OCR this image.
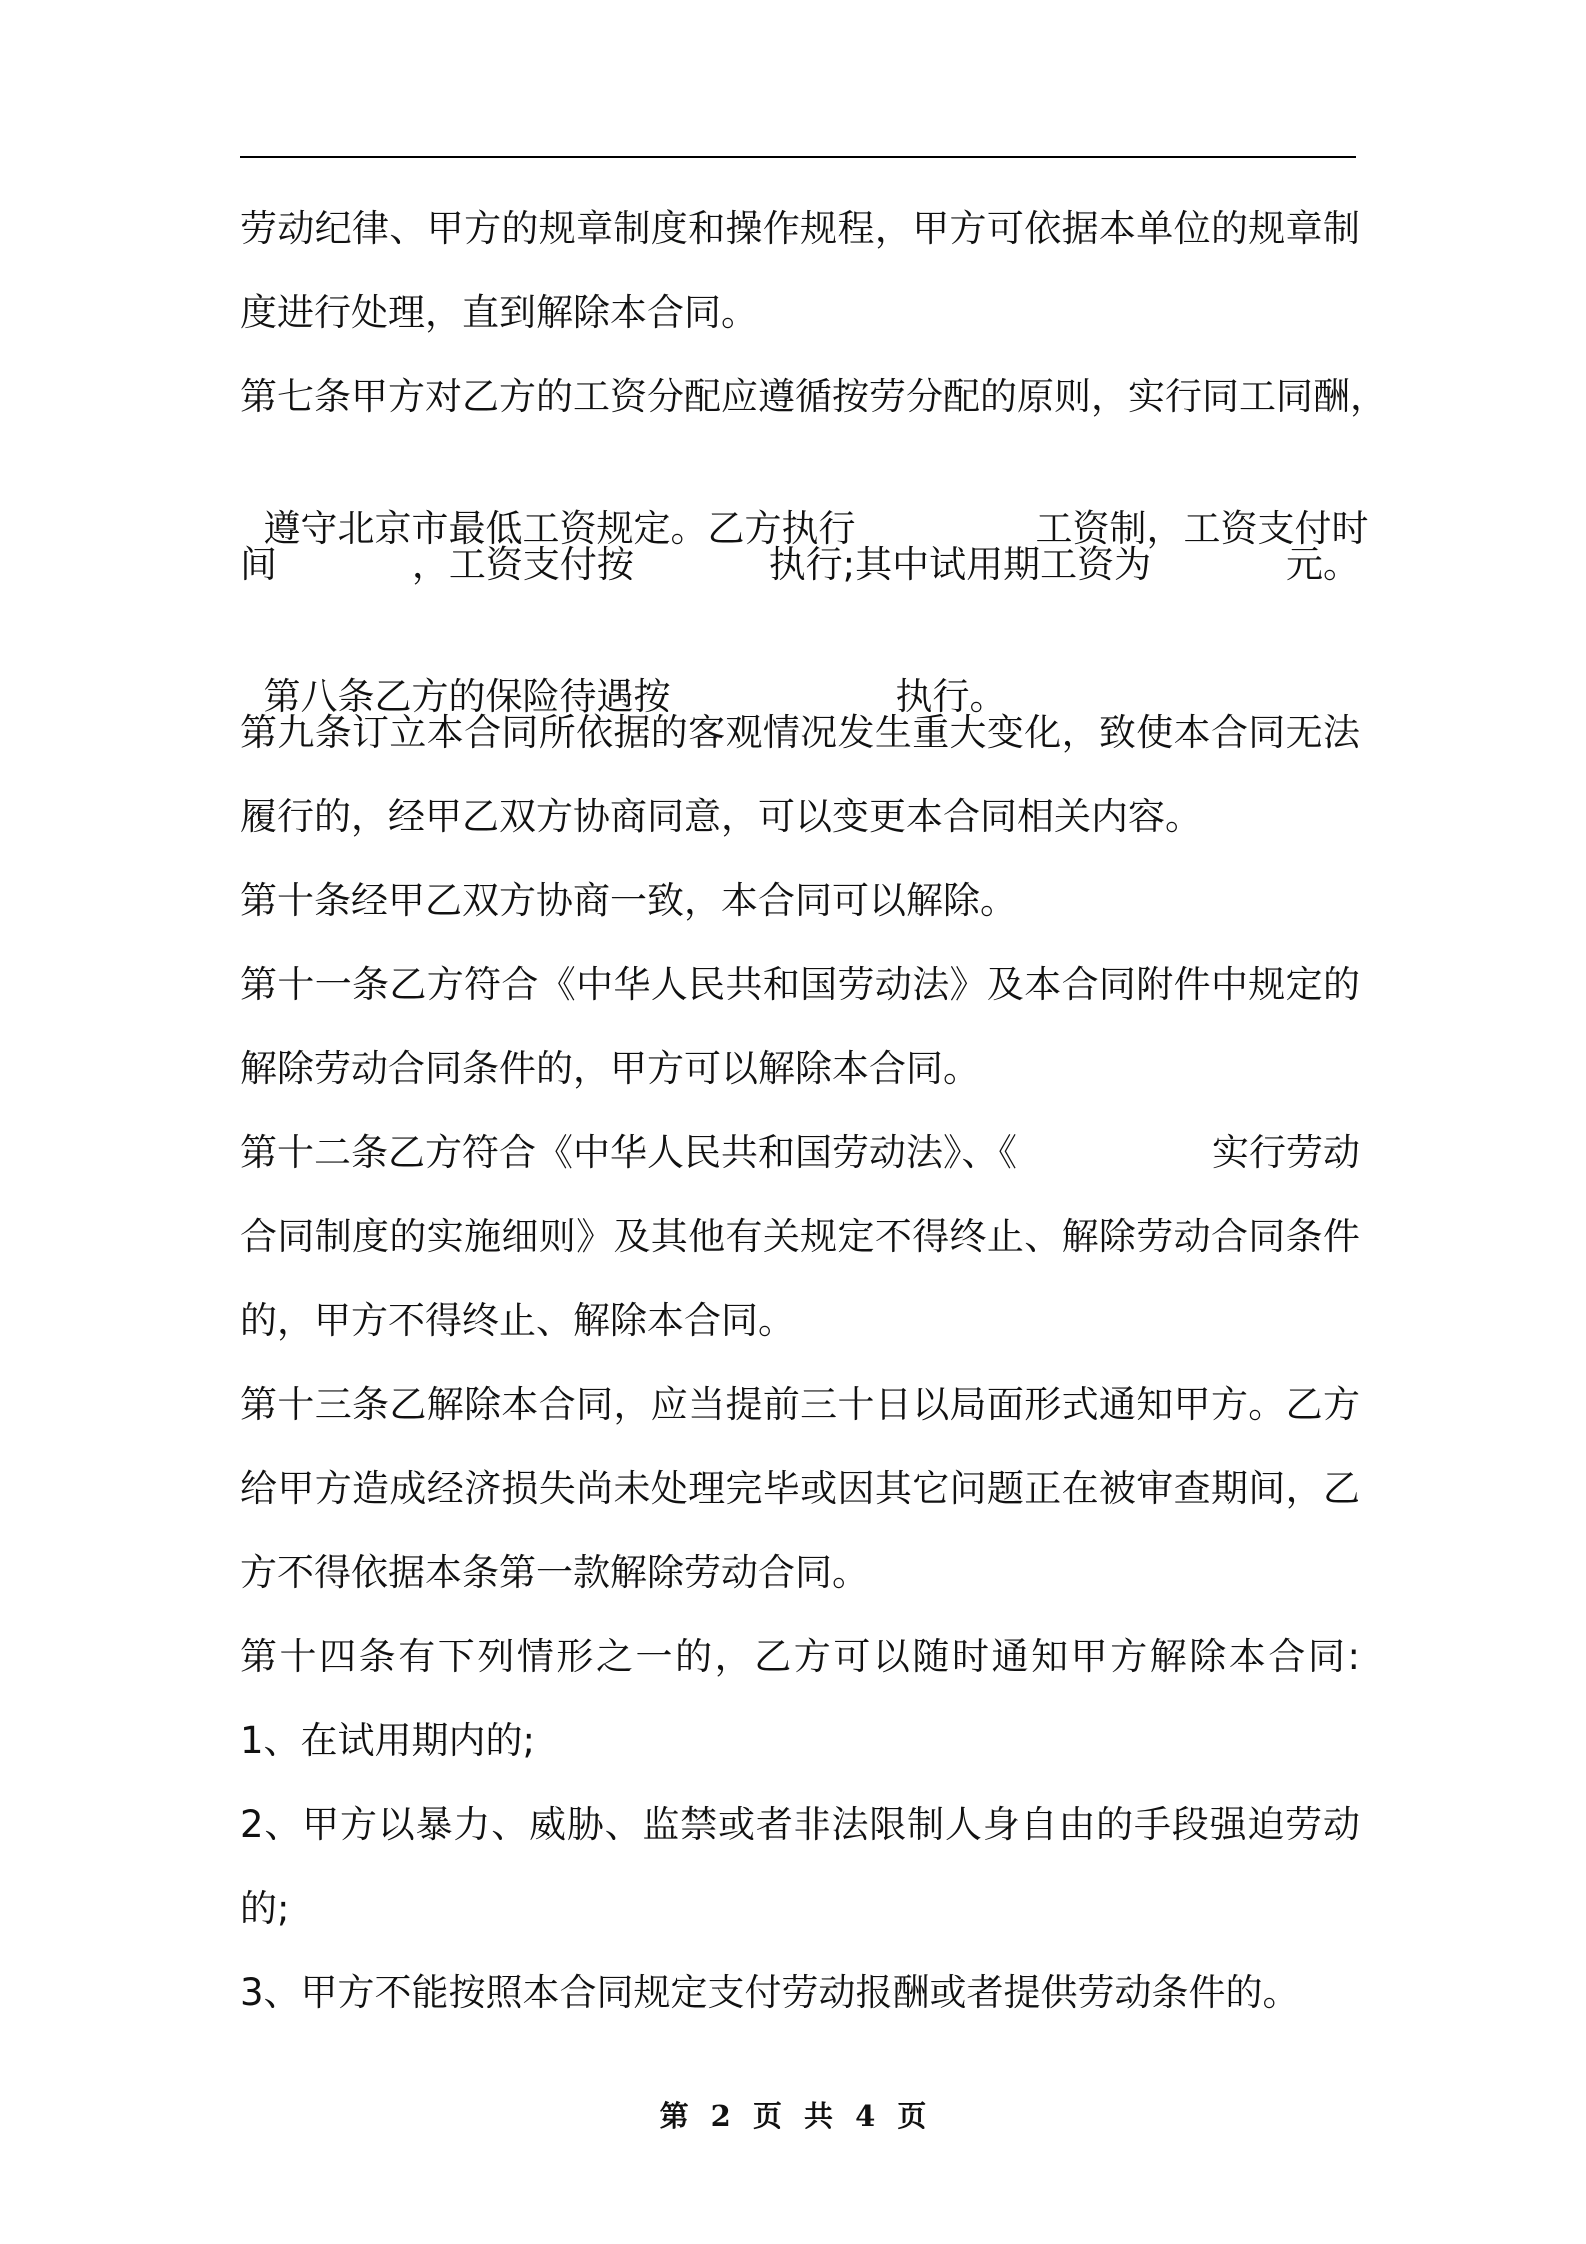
劳动纪律、甲方的规章制度和操作规程，甲方可依据本单位的规章制
度进行处理，直到解除本合同。
第七条甲方对乙方的工资分配应遵循按劳分配的原则，实行同工同酬，

遵守北京市最低工资规定。乙方执行	工资制，工资支付时

间	，工资支付按	执行;其中试用期工资为	元。

第八条乙方的保险待遇按	执行。

第九条订立本合同所依据的客观情况发生重大变化，致使本合同无法
履行的，经甲乙双方协商同意，可以变更本合同相关内容。
第十条经甲乙双方协商一致，本合同可以解除。
第十一条乙方符合《中华人民共和国劳动法》及本合同附件中规定的
解除劳动合同条件的，甲方可以解除本合同。
第十二条乙方符合《中华人民共和国劳动法》、《	实行劳动
合同制度的实施细则》及其他有关规定不得终止、解除劳动合同条件
的，甲方不得终止、解除本合同。
第十三条乙解除本合同，应当提前三十日以局面形式通知甲方。乙方
给甲方造成经济损失尚未处理完毕或因其它问题正在被审查期间，乙
方不得依据本条第一款解除劳动合同。
第十四条有下列情形之一的，乙方可以随时通知甲方解除本合同:
1、在试用期内的;
2、甲方以暴力、威胁、监禁或者非法限制人身自由的手段强迫劳动
的;
3、甲方不能按照本合同规定支付劳动报酬或者提供劳动条件的。
第 2 页 共 4 页
